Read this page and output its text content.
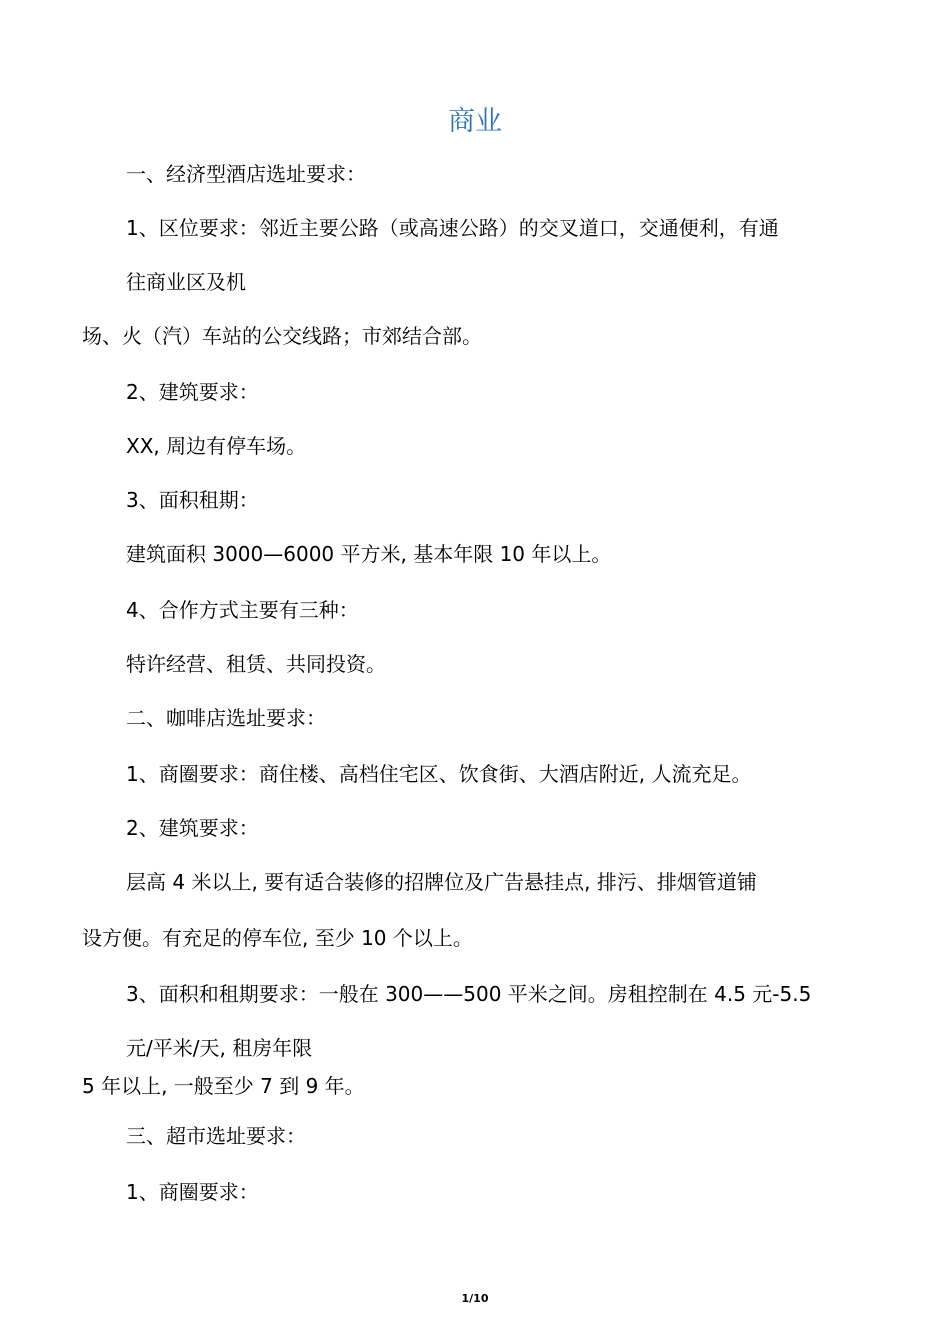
商业
一、经济型酒店选址要求：
1、区位要求：邻近主要公路（或高速公路）的交叉道口，交通便利，有通
往商业区及机
场、火（汽）车站的公交线路；市郊结合部。
2、建筑要求：
XX, 周边有停车场。
3、面积租期：
建筑面积 3000—6000 平方米, 基本年限 10 年以上。
4、合作方式主要有三种：
特许经营、租赁、共同投资。
二、咖啡店选址要求：
1、商圈要求：商住楼、高档住宅区、饮食街、大酒店附近, 人流充足。
2、建筑要求：
层高 4 米以上, 要有适合装修的招牌位及广告悬挂点, 排污、排烟管道铺
设方便。有充足的停车位, 至少 10 个以上。
3、面积和租期要求：一般在 300——500 平米之间。房租控制在 4.5 元-5.5
元/平米/天, 租房年限
5 年以上, 一般至少 7 到 9 年。
三、超市选址要求：
1、商圈要求：
1/10
